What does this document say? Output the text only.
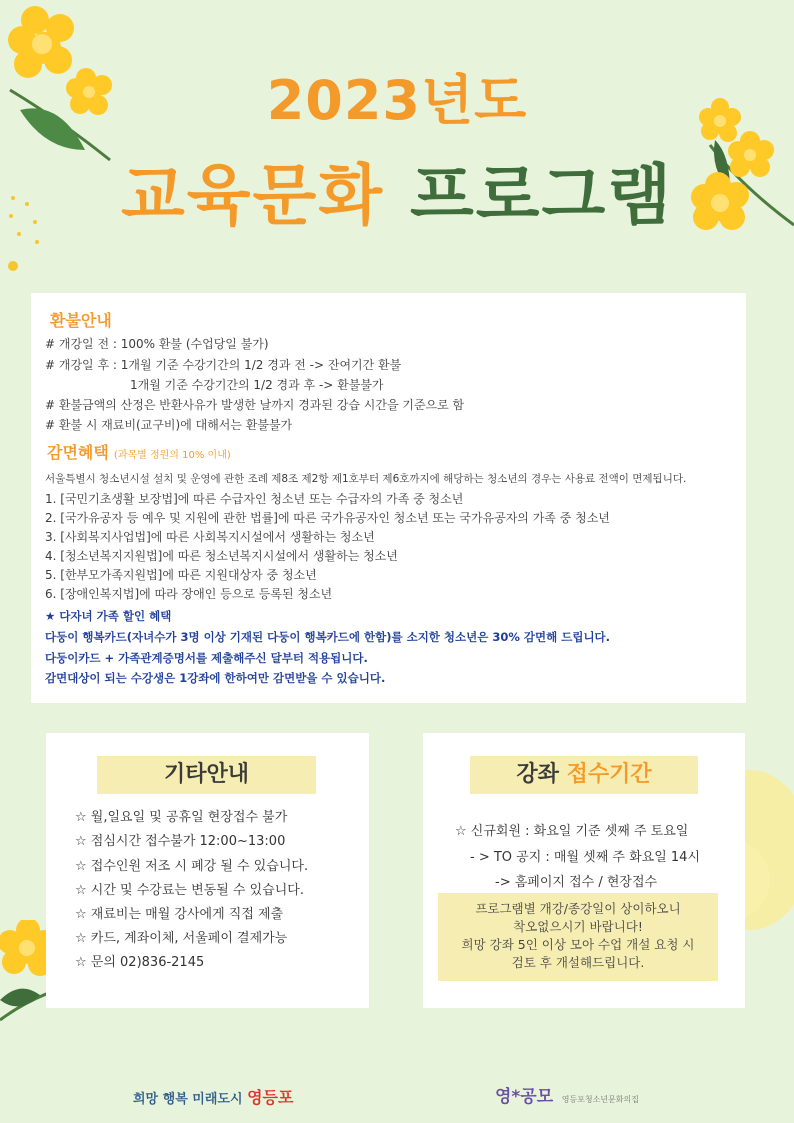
2023년도
교육문화 프로그램
환불안내
# 개강일 전 : 100% 환불 (수업당일 불가)
# 개강일 후 : 1개월 기준 수강기간의 1/2 경과 전 -> 잔여기간 환불
1개월 기준 수강기간의 1/2 경과 후 -> 환불불가
# 환불금액의 산정은 반환사유가 발생한 날까지 경과된 강습 시간을 기준으로 함
# 환불 시 재료비(교구비)에 대해서는 환불불가
감면혜택 (과목별 정원의 10% 이내)
서울특별시 청소년시설 설치 및 운영에 관한 조례 제8조 제2항 제1호부터 제6호까지에 해당하는 청소년의 경우는 사용료 전액이 면제됩니다.
1. [국민기초생활 보장법]에 따른 수급자인 청소년 또는 수급자의 가족 중 청소년
2. [국가유공자 등 예우 및 지원에 관한 법률]에 따른 국가유공자인 청소년 또는 국가유공자의 가족 중 청소년
3. [사회복지사업법]에 따른 사회복지시설에서 생활하는 청소년
4. [청소년복지지원법]에 따른 청소년복지시설에서 생활하는 청소년
5. [한부모가족지원법]에 따른 지원대상자 중 청소년
6. [장애인복지법]에 따라 장애인 등으로 등록된 청소년
★ 다자녀 가족 할인 혜택
다둥이 행복카드(자녀수가 3명 이상 기재된 다둥이 행복카드에 한함)를 소지한 청소년은 30% 감면해 드립니다.
다둥이카드 + 가족관계증명서를 제출해주신 달부터 적용됩니다.
감면대상이 되는 수강생은 1강좌에 한하여만 감면받을 수 있습니다.
기타안내
☆ 월,일요일 및 공휴일 현장접수 불가
☆ 점심시간 접수불가 12:00~13:00
☆ 접수인원 저조 시 폐강 될 수 있습니다.
☆ 시간 및 수강료는 변동될 수 있습니다.
☆ 재료비는 매월 강사에게 직접 제출
☆ 카드, 계좌이체, 서울페이 결제가능
☆ 문의 02)836-2145
강좌 접수기간
☆ 신규회원 : 화요일 기준 셋째 주 토요일
- > TO 공지 : 매월 셋째 주 화요일 14시
-> 홈페이지 접수 / 현장접수
프로그램별 개강/종강일이 상이하오니
착오없으시기 바랍니다!
희망 강좌 5인 이상 모아 수업 개설 요청 시
검토 후 개설해드립니다.
희망 행복 미래도시 영등포	영*공모 영등포청소년문화의집
